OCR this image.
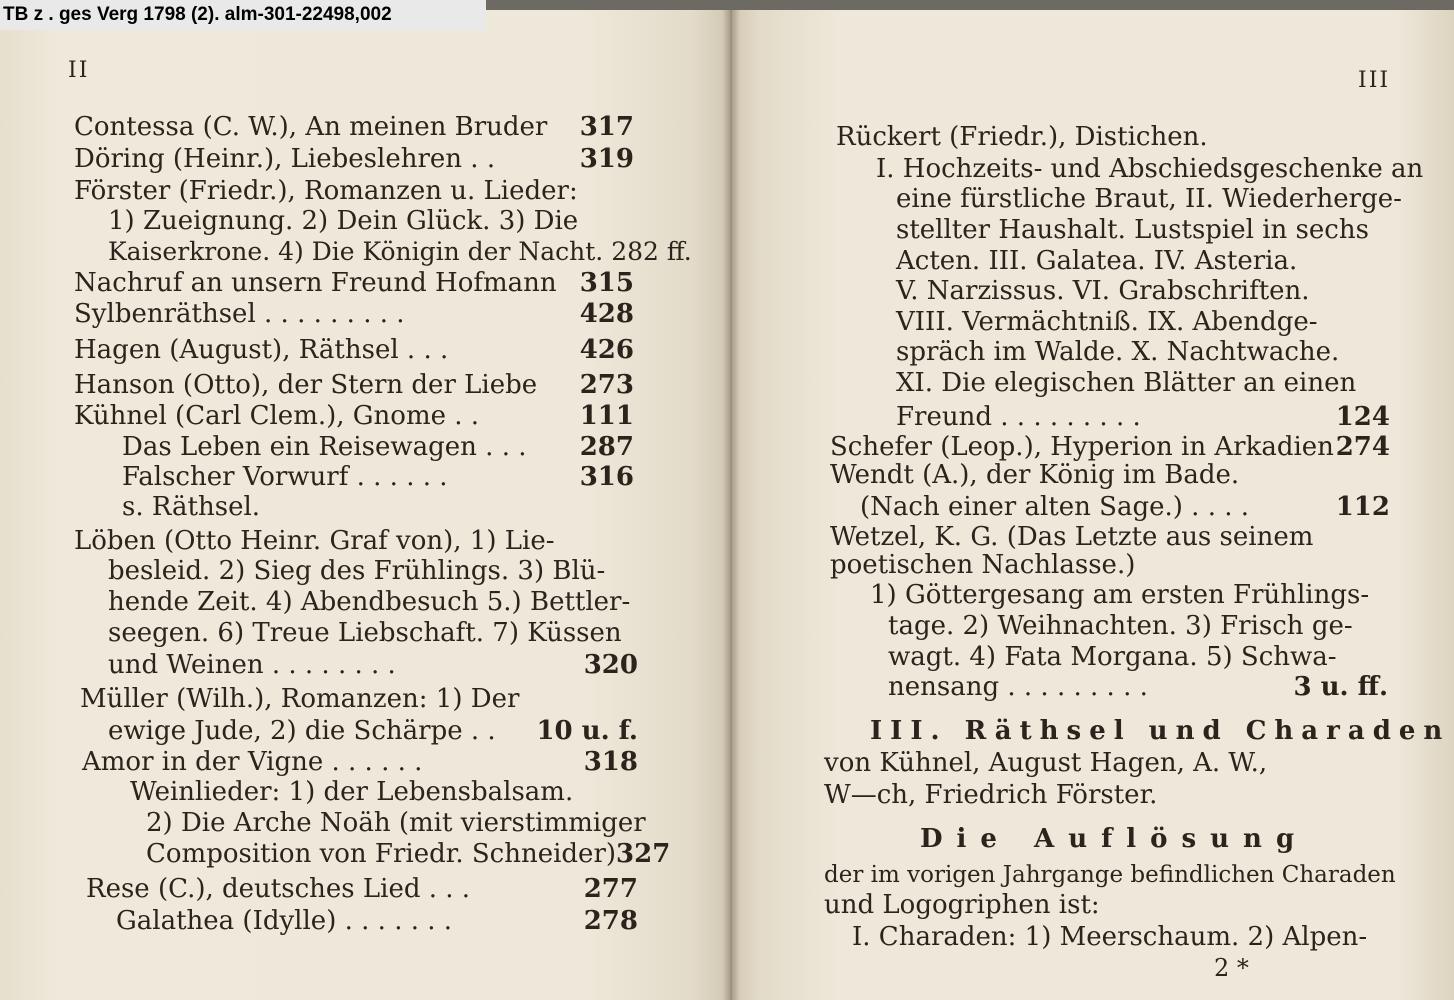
II
Contessa (C. W.), An meinen Bruder 317
Döring (Heinr.), Liebeslehren . .	319
Förster (Friedr.), Romanzen u. Lieder:
1) Zueignung. 2) Dein Glück. 3) Die
Kaiserkrone. 4) Die Königin der Nacht. 282 ff.
Nachruf an unsern Freund Hofmann 315
Sylbenräthsel . . . . . . . . .	428
Hagen (August), Räthsel . . .	426
Hanson (Otto), der Stern der Liebe 273
Kühnel (Carl Clem.), Gnome . .	111
Das Leben ein Reisewagen . . . 287
Falscher Vorwurf . . . . . .	316
s. Räthsel.
Löben (Otto Heinr. Graf von), 1) Lie-
besleid. 2) Sieg des Frühlings. 3) Blü-
hende Zeit. 4) Abendbesuch 5.) Bettler-
seegen. 6) Treue Liebschaft. 7) Küssen
und Weinen . . . . . . . .	320
Müller (Wilh.), Romanzen: 1) Der
ewige Jude, 2) die Schärpe . . 10 u. f.
Amor in der Vigne . . . . . .	318
Weinlieder: 1) der Lebensbalsam.
2) Die Arche Noäh (mit vierstimmiger
Composition von Friedr. Schneider) 327
Rese (C.), deutsches Lied . . .	277
Galathea (Idylle) . . . . . . .	278
III
Rückert (Friedr.), Distichen.
I. Hochzeits- und Abschiedsgeschenke an
eine fürstliche Braut, II. Wiederherge-
stellter Haushalt. Lustspiel in sechs
Acten. III. Galatea. IV. Asteria.
V. Narzissus. VI. Grabschriften.
VIII. Vermächtniß. IX. Abendge-
spräch im Walde. X. Nachtwache.
XI. Die elegischen Blätter an einen
Freund . . . . . . . . .	124
Schefer (Leop.), Hyperion in Arkadien 274
Wendt (A.), der König im Bade.
(Nach einer alten Sage.) . . . .	112
Wetzel, K. G. (Das Letzte aus seinem
poetischen Nachlasse.)
1) Göttergesang am ersten Frühlings-
tage. 2) Weihnachten. 3) Frisch ge-
wagt. 4) Fata Morgana. 5) Schwa-
nensang . . . . . . . . .	3 u. ff.
III. Räthsel und Charaden
von Kühnel, August Hagen, A. W.,
W—ch, Friedrich Förster.
Die Auflösung
der im vorigen Jahrgange befindlichen Charaden
und Logogriphen ist:
I. Charaden: 1) Meerschaum. 2) Alpen-
2 *
TB z . ges Verg 1798 (2). alm-301-22498,002
